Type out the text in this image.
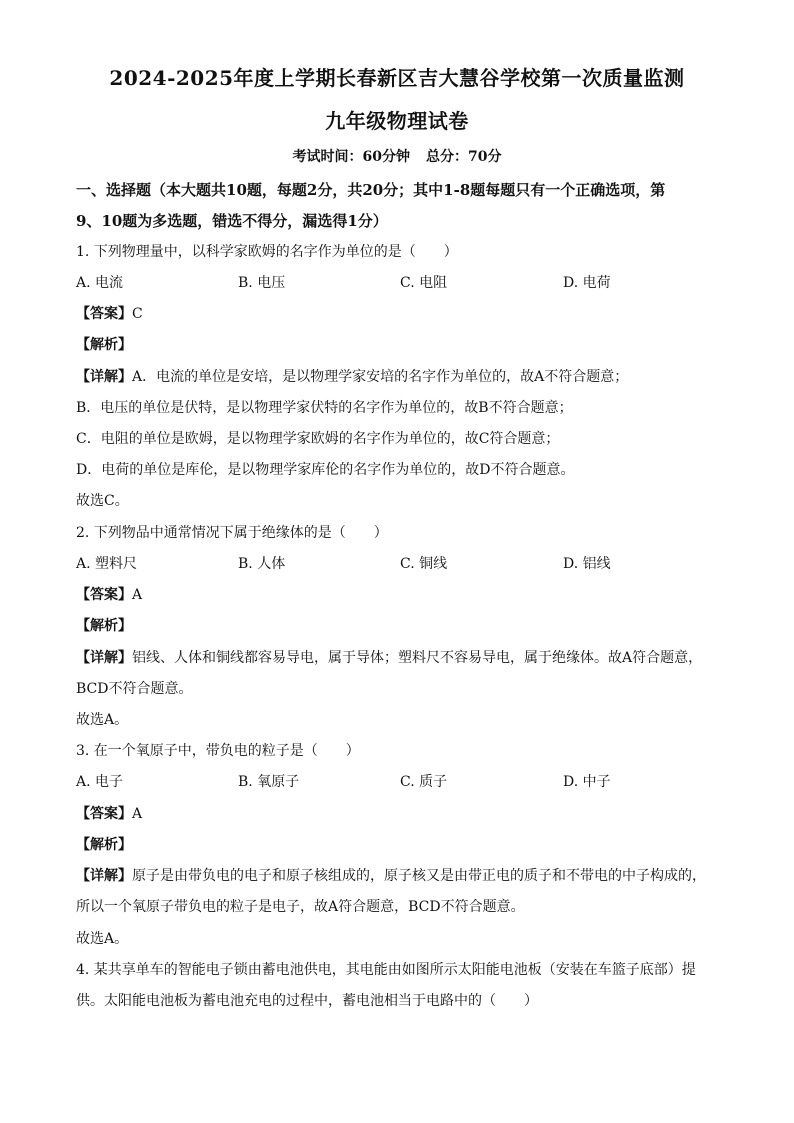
2024-2025年度上学期长春新区吉大慧谷学校第一次质量监测
九年级物理试卷
考试时间：60分钟 总分：70分
一、选择题（本大题共10题，每题2分，共20分；其中1-8题每题只有一个正确选项，第
9、10题为多选题，错选不得分，漏选得1分）
1. 下列物理量中，以科学家欧姆的名字作为单位的是（　　）
A. 电流	B. 电压	C. 电阻	D. 电荷
【答案】C
【解析】
【详解】A．电流的单位是安培，是以物理学家安培的名字作为单位的，故A不符合题意；
B．电压的单位是伏特，是以物理学家伏特的名字作为单位的，故B不符合题意；
C．电阻的单位是欧姆，是以物理学家欧姆的名字作为单位的，故C符合题意；
D．电荷的单位是库伦，是以物理学家库伦的名字作为单位的，故D不符合题意。
故选C。
2. 下列物品中通常情况下属于绝缘体的是（　　）
A. 塑料尺	B. 人体	C. 铜线	D. 铝线
【答案】A
【解析】
【详解】铝线、人体和铜线都容易导电，属于导体；塑料尺不容易导电，属于绝缘体。故A符合题意，
BCD不符合题意。
故选A。
3. 在一个氧原子中，带负电的粒子是（　　）
A. 电子	B. 氧原子	C. 质子	D. 中子
【答案】A
【解析】
【详解】原子是由带负电的电子和原子核组成的，原子核又是由带正电的质子和不带电的中子构成的，
所以一个氧原子带负电的粒子是电子，故A符合题意，BCD不符合题意。
故选A。
4. 某共享单车的智能电子锁由蓄电池供电，其电能由如图所示太阳能电池板（安装在车篮子底部）提
供。太阳能电池板为蓄电池充电的过程中，蓄电池相当于电路中的（　　）
